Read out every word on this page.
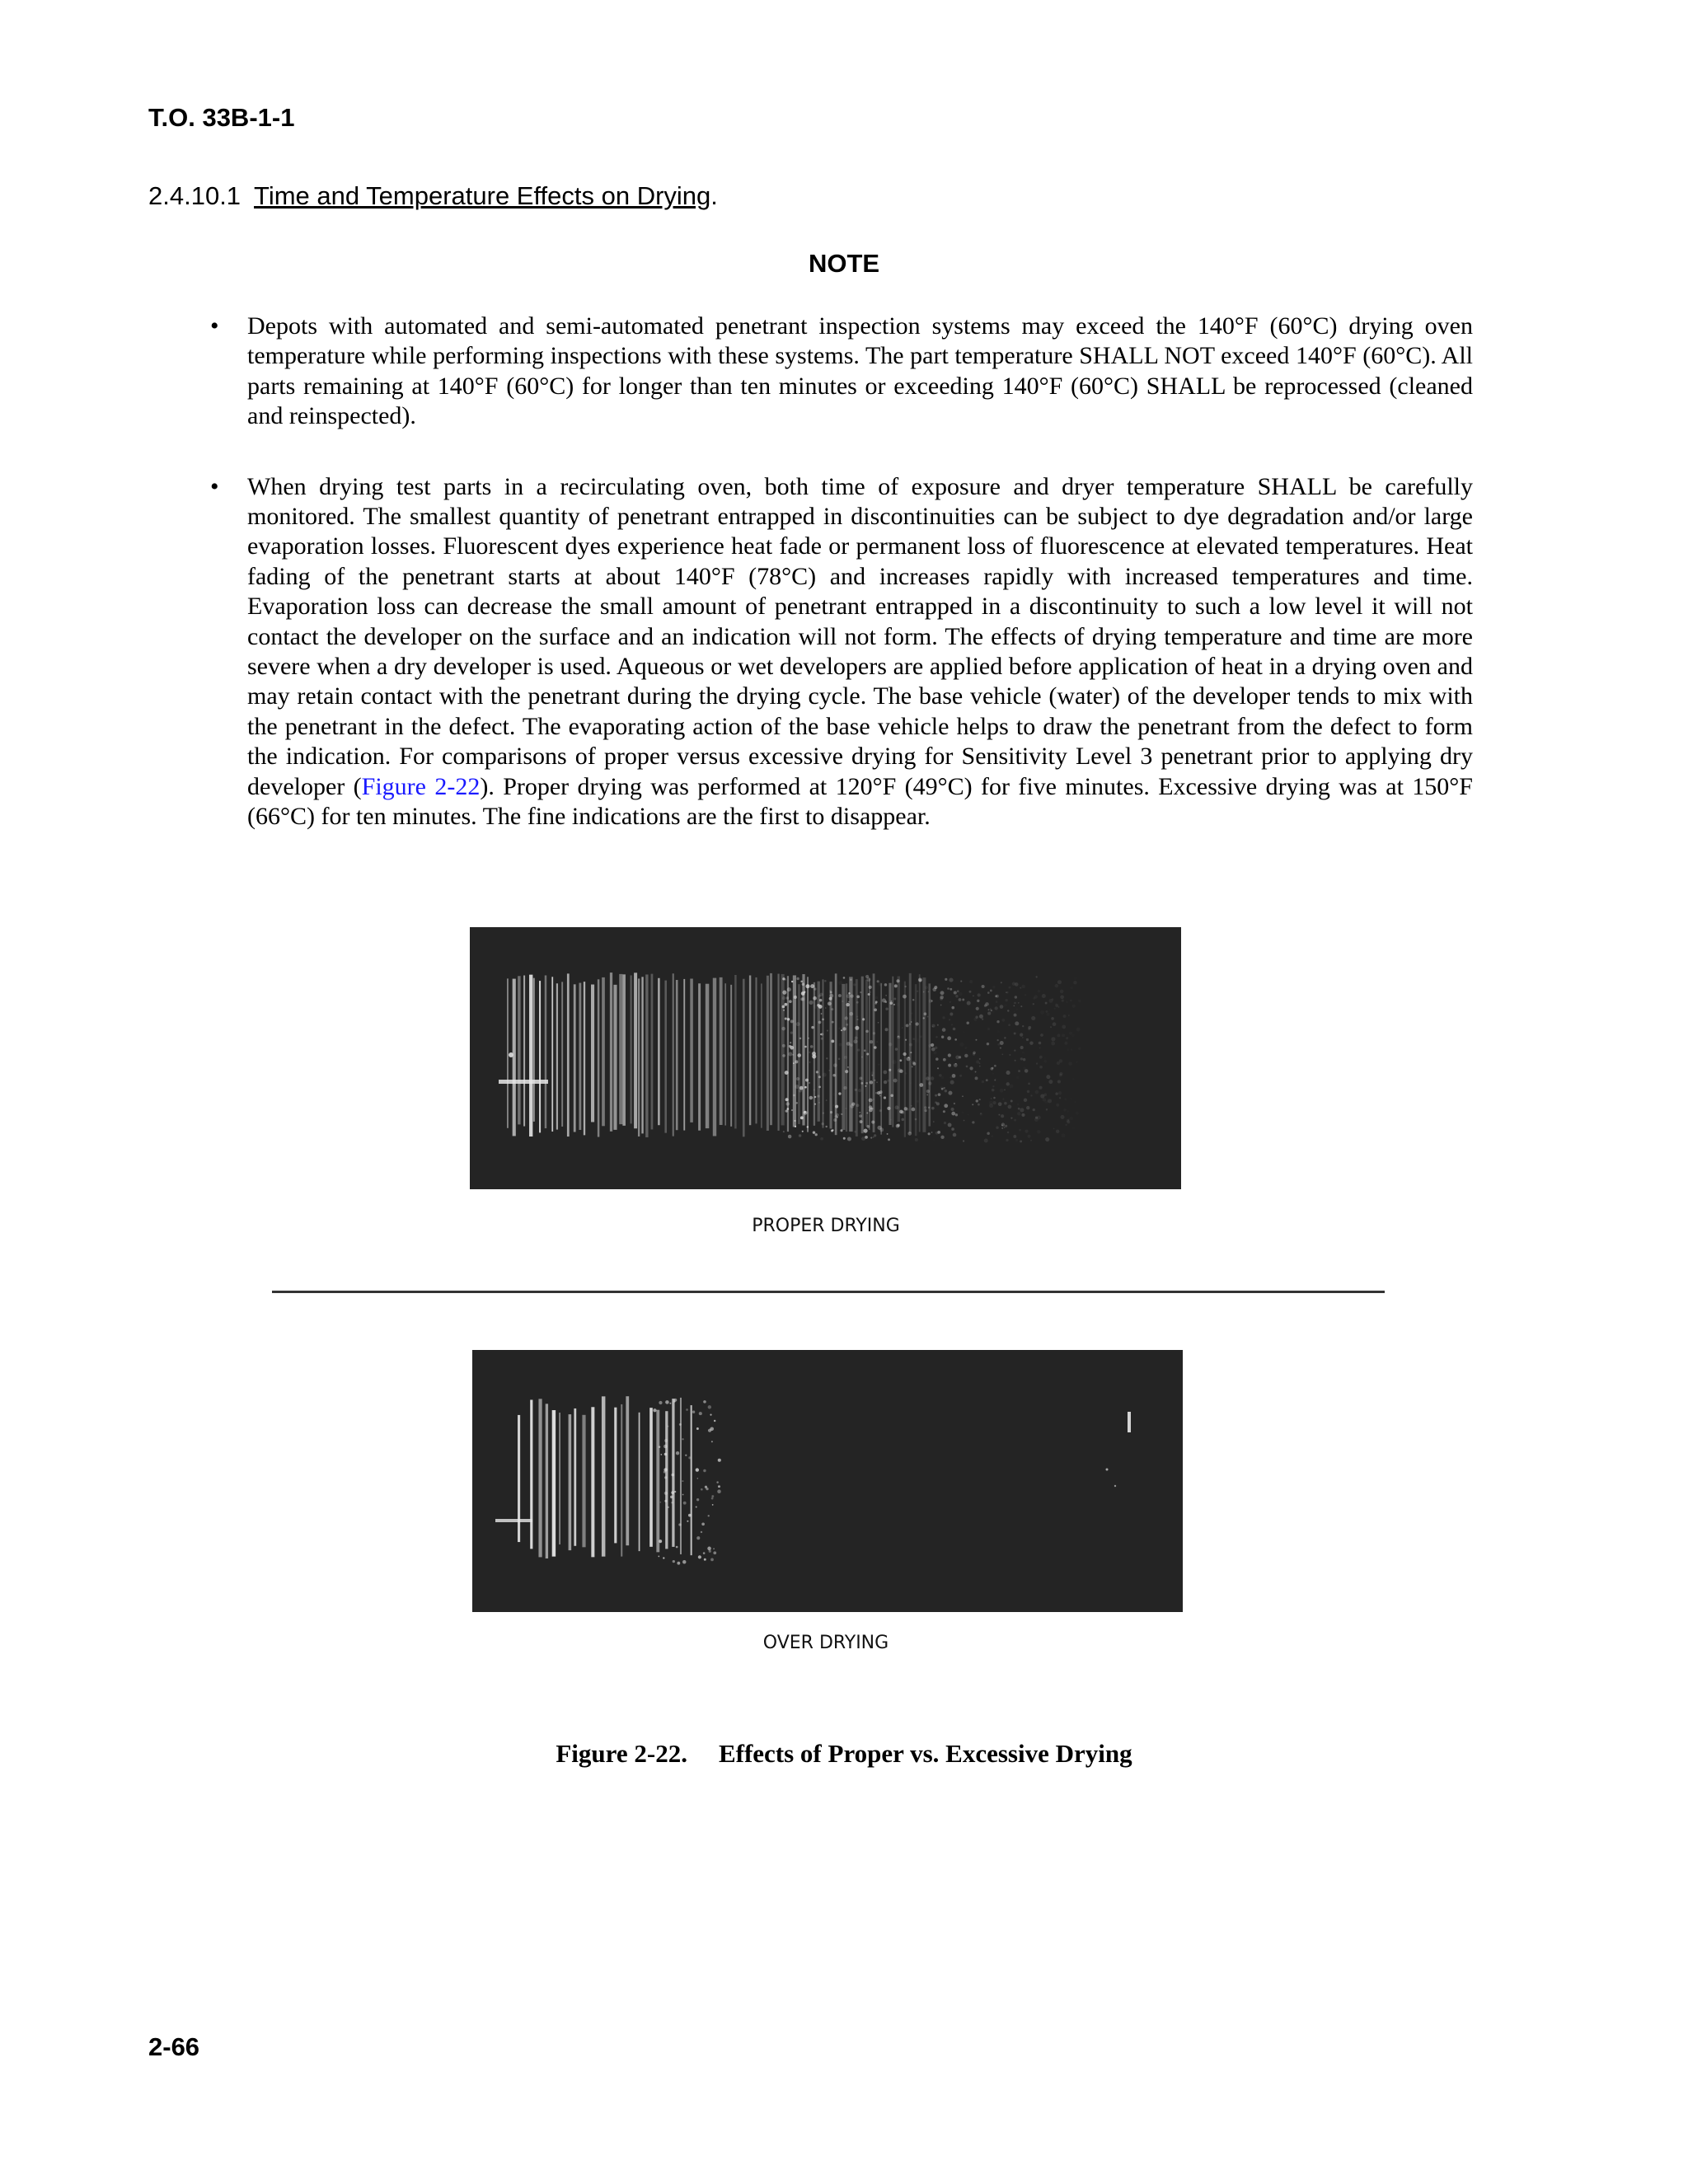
T.O. 33B-1-1
2.4.10.1 Time and Temperature Effects on Drying.
NOTE
• Depots with automated and semi-automated penetrant inspection systems may exceed the 140°F (60°C) drying oven temperature while performing inspections with these systems. The part temperature SHALL NOT exceed 140°F (60°C). All parts remaining at 140°F (60°C) for longer than ten minutes or exceeding 140°F (60°C) SHALL be reprocessed (cleaned and reinspected).
• When drying test parts in a recirculating oven, both time of exposure and dryer temperature SHALL be carefully monitored. The smallest quantity of penetrant entrapped in discontinuities can be subject to dye degradation and/or large evaporation losses. Fluorescent dyes experience heat fade or permanent loss of fluorescence at elevated temperatures. Heat fading of the penetrant starts at about 140°F (78°C) and increases rapidly with increased temperatures and time. Evaporation loss can decrease the small amount of penetrant entrapped in a discontinuity to such a low level it will not contact the developer on the surface and an indication will not form. The effects of drying temperature and time are more severe when a dry developer is used. Aqueous or wet developers are applied before application of heat in a drying oven and may retain contact with the penetrant during the drying cycle. The base vehicle (water) of the developer tends to mix with the penetrant in the defect. The evaporating action of the base vehicle helps to draw the penetrant from the defect to form the indication. For comparisons of proper versus excessive drying for Sensitivity Level 3 penetrant prior to applying dry developer (Figure 2-22). Proper drying was performed at 120°F (49°C) for five minutes. Excessive drying was at 150°F (66°C) for ten minutes. The fine indications are the first to disappear.
PROPER DRYING
OVER DRYING
Figure 2-22. Effects of Proper vs. Excessive Drying
2-66
